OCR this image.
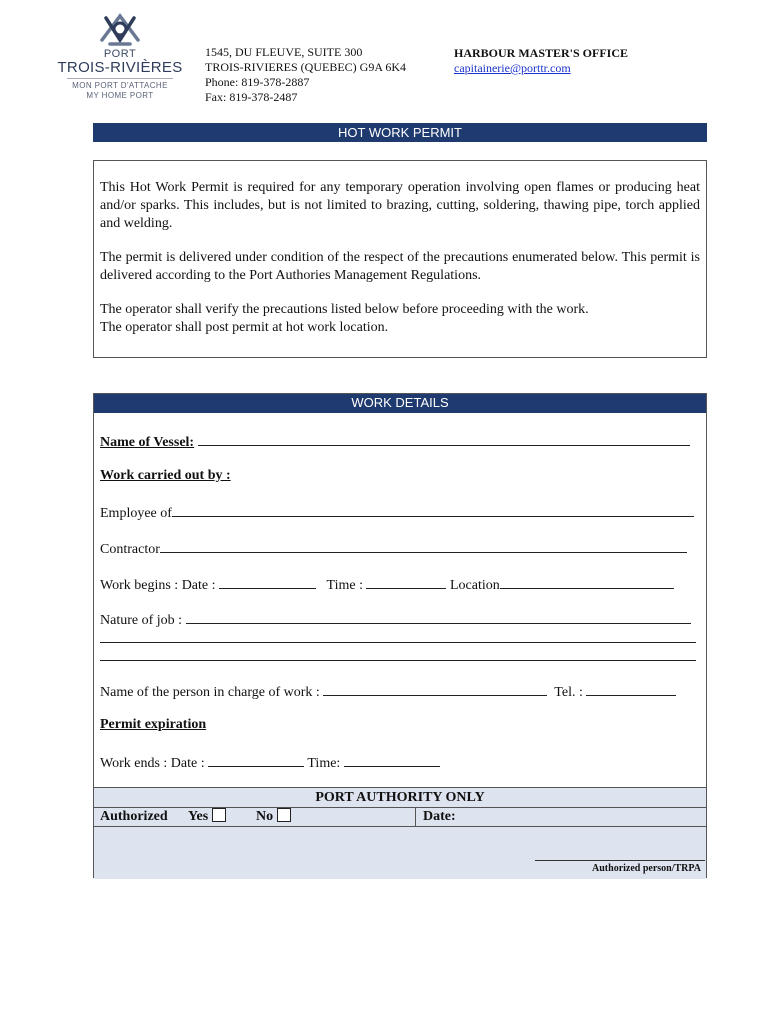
PORT
TROIS-RIVIÈRES
MON PORT D'ATTACHE
MY HOME PORT
1545, DU FLEUVE, SUITE 300
TROIS-RIVIERES (QUEBEC) G9A 6K4
Phone: 819-378-2887
Fax: 819-378-2487
HARBOUR MASTER'S OFFICE
capitainerie@porttr.com
HOT WORK PERMIT

This Hot Work Permit is required for any temporary operation involving open flames or producing heat and/or sparks. This includes, but is not limited to brazing, cutting, soldering, thawing pipe, torch applied and welding.

The permit is delivered under condition of the respect of the precautions enumerated below. This permit is delivered according to the Port Authories Management Regulations.

The operator shall verify the precautions listed below before proceeding with the work.
The operator shall post permit at hot work location.

WORK DETAILS
Name of Vessel:
Work carried out by :
Employee of
Contractor
Work begins : Date :	Time :	Location
Nature of job :
Name of the person in charge of work :	Tel. :
Permit expiration
Work ends : Date :	Time:
PORT AUTHORITY ONLY
Authorized Yes	No	Date:
Authorized person/TRPA
